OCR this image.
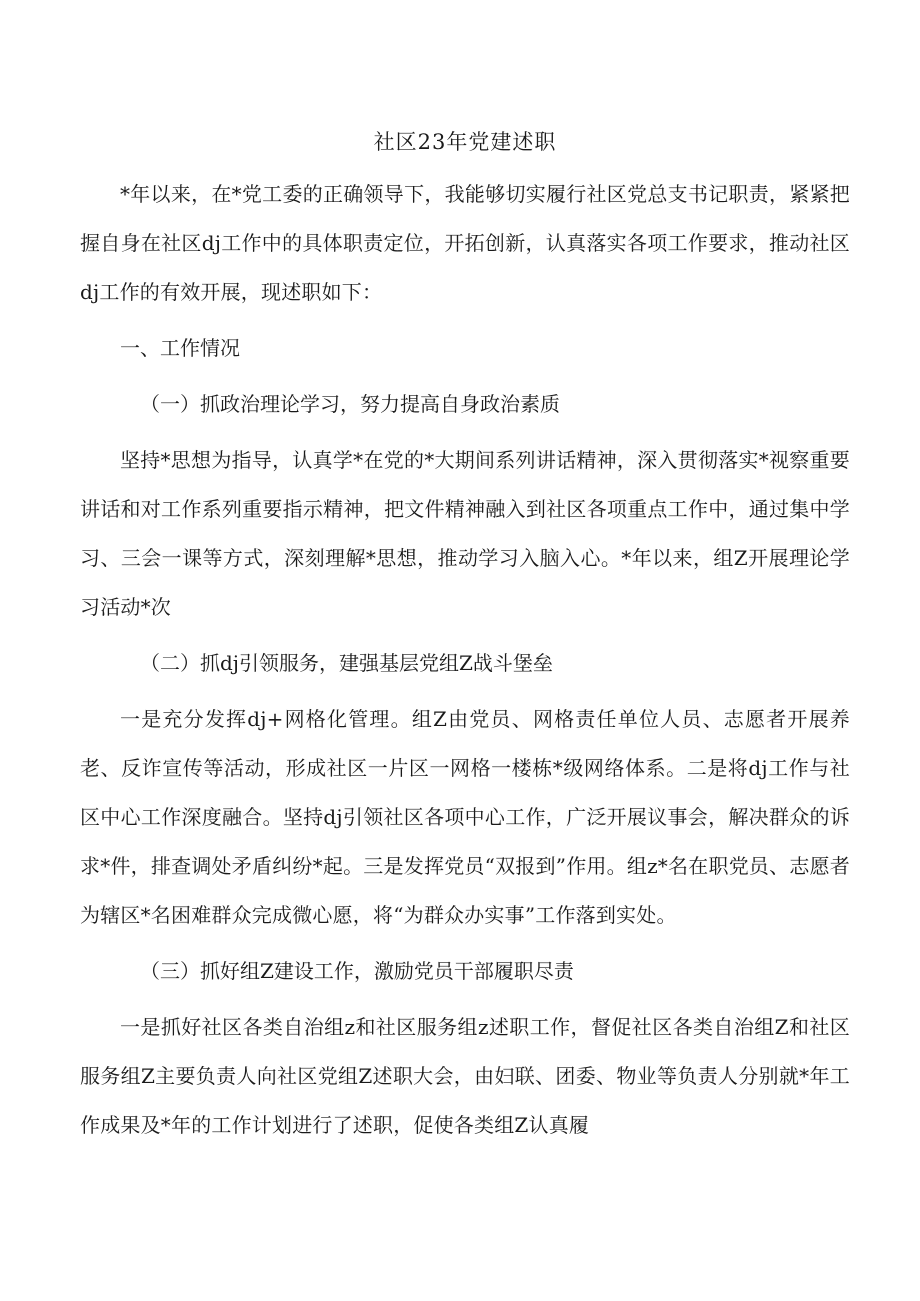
社区23年党建述职

*年以来，在*党工委的正确领导下，我能够切实履行社区党总支书记职责，紧紧把握自身在社区dj工作中的具体职责定位，开拓创新，认真落实各项工作要求，推动社区dj工作的有效开展，现述职如下：

一、工作情况

（一）抓政治理论学习，努力提高自身政治素质

坚持*思想为指导，认真学*在党的*大期间系列讲话精神，深入贯彻落实*视察重要讲话和对工作系列重要指示精神，把文件精神融入到社区各项重点工作中，通过集中学习、三会一课等方式，深刻理解*思想，推动学习入脑入心。*年以来，组Z开展理论学习活动*次

（二）抓dj引领服务，建强基层党组Z战斗堡垒

一是充分发挥dj+网格化管理。组Z由党员、网格责任单位人员、志愿者开展养老、反诈宣传等活动，形成社区一片区一网格一楼栋*级网络体系。二是将dj工作与社区中心工作深度融合。坚持dj引领社区各项中心工作，广泛开展议事会，解决群众的诉求*件，排查调处矛盾纠纷*起。三是发挥党员“双报到”作用。组z*名在职党员、志愿者为辖区*名困难群众完成微心愿，将“为群众办实事”工作落到实处。

（三）抓好组Z建设工作，激励党员干部履职尽责

一是抓好社区各类自治组z和社区服务组z述职工作，督促社区各类自治组Z和社区服务组Z主要负责人向社区党组Z述职大会，由妇联、团委、物业等负责人分别就*年工作成果及*年的工作计划进行了述职，促使各类组Z认真履
